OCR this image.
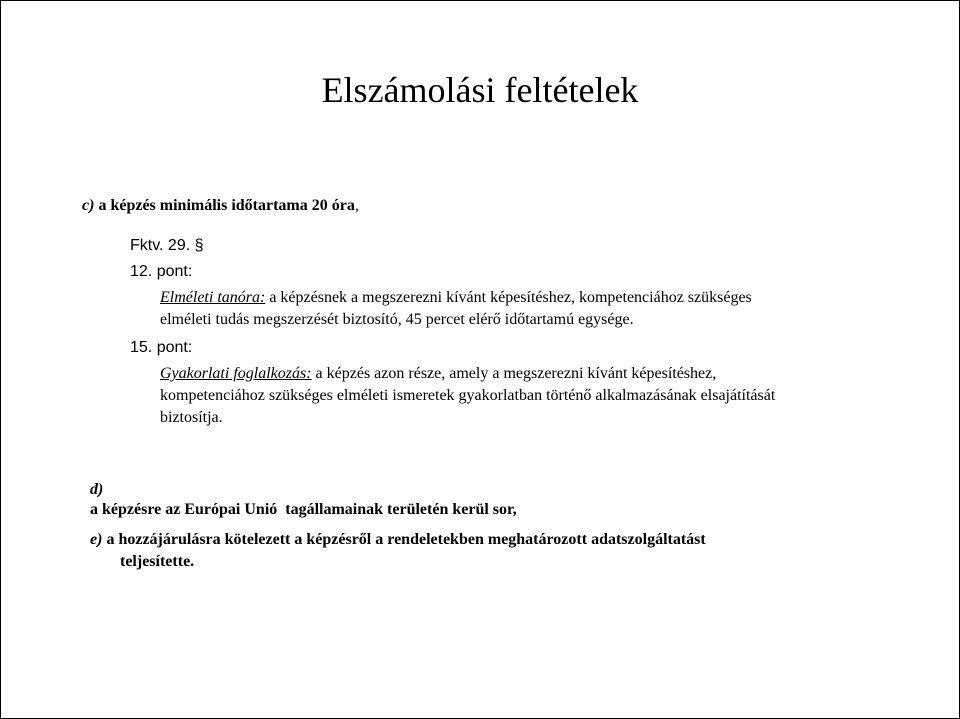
Elszámolási feltételek
c) a képzés minimális időtartama 20 óra,
Fktv. 29. §
12. pont:
Elméleti tanóra: a képzésnek a megszerezni kívánt képesítéshez, kompetenciához szükséges
elméleti tudás megszerzését biztosító, 45 percet elérő időtartamú egysége.
15. pont:
Gyakorlati foglalkozás: a képzés azon része, amely a megszerezni kívánt képesítéshez,
kompetenciához szükséges elméleti ismeretek gyakorlatban történő alkalmazásának elsajátítását
biztosítja.

d)
a képzésre az Európai Unió  tagállamainak területén kerül sor,

e) a hozzájárulásra kötelezett a képzésről a rendeletekben meghatározott adatszolgáltatást
teljesítette.
